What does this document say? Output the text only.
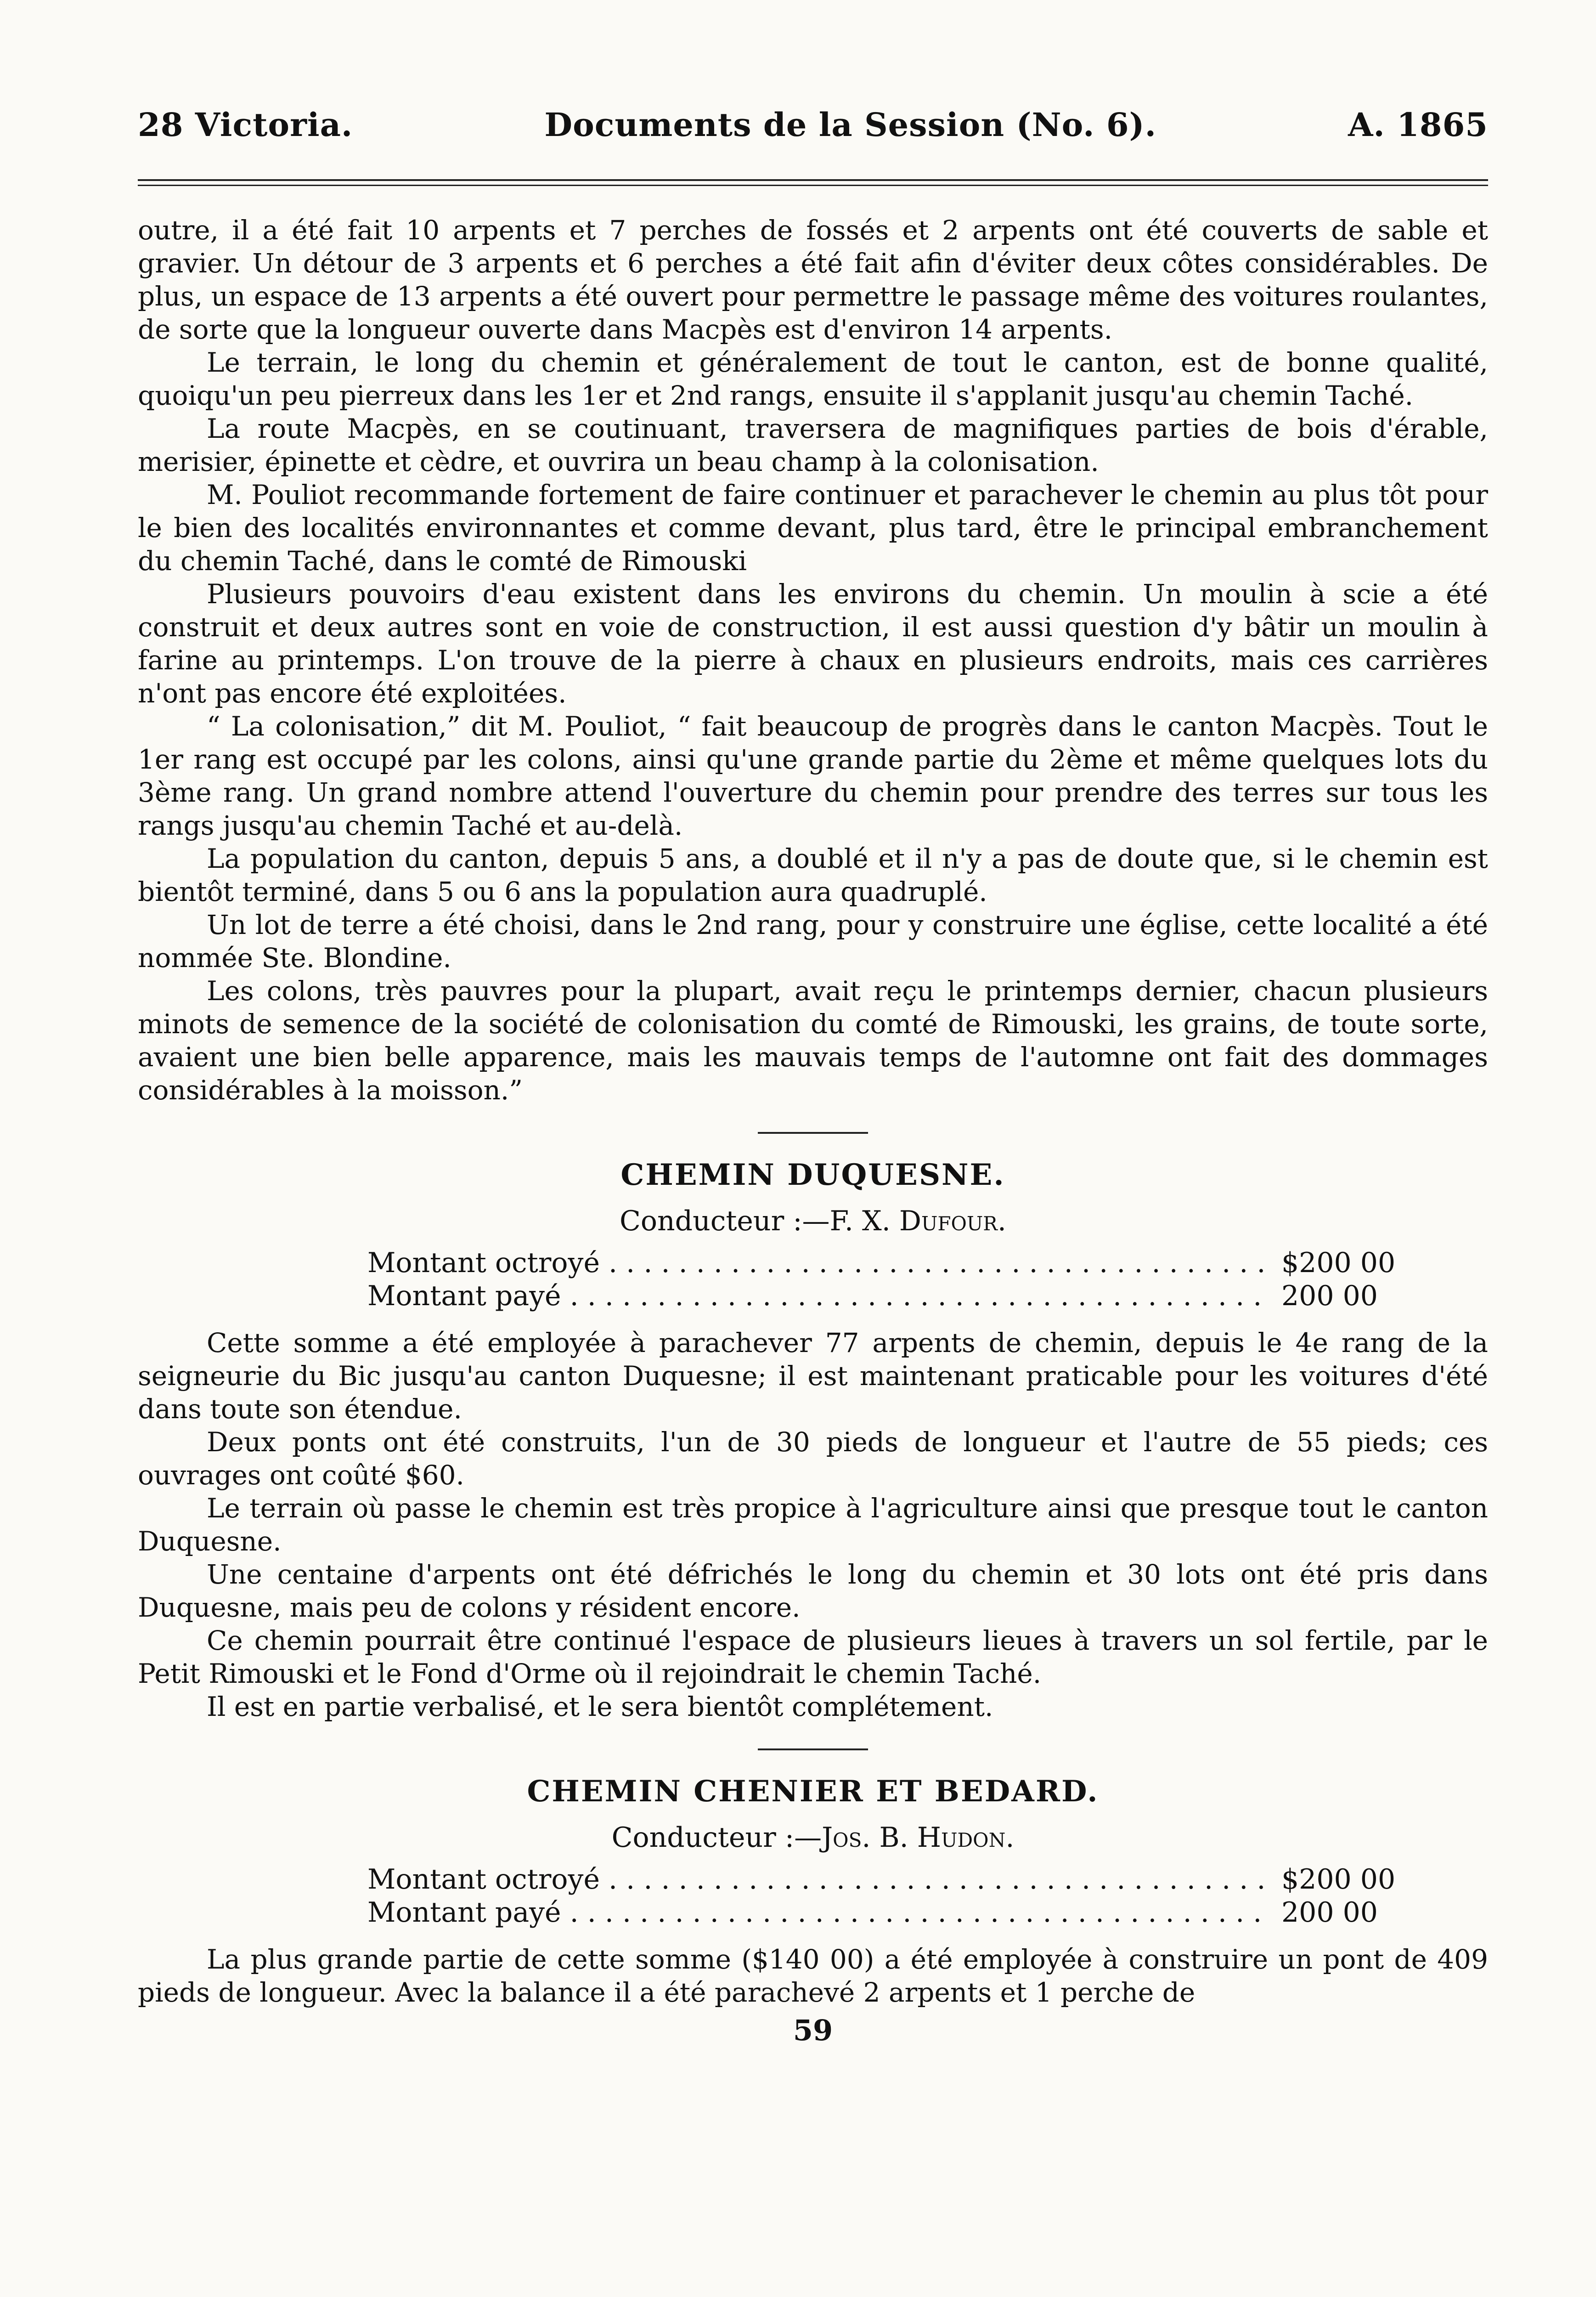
28 Victoria.	Documents de la Session (No. 6).	A. 1865

outre, il a été fait 10 arpents et 7 perches de fossés et 2 arpents ont été couverts de sable et gravier. Un détour de 3 arpents et 6 perches a été fait afin d'éviter deux côtes considérables. De plus, un espace de 13 arpents a été ouvert pour permettre le passage même des voitures roulantes, de sorte que la longueur ouverte dans Macpès est d'environ 14 arpents.

Le terrain, le long du chemin et généralement de tout le canton, est de bonne qualité, quoiqu'un peu pierreux dans les 1er et 2nd rangs, ensuite il s'applanit jusqu'au chemin Taché.

La route Macpès, en se coutinuant, traversera de magnifiques parties de bois d'érable, merisier, épinette et cèdre, et ouvrira un beau champ à la colonisation.

M. Pouliot recommande fortement de faire continuer et parachever le chemin au plus tôt pour le bien des localités environnantes et comme devant, plus tard, être le principal embranchement du chemin Taché, dans le comté de Rimouski

Plusieurs pouvoirs d'eau existent dans les environs du chemin. Un moulin à scie a été construit et deux autres sont en voie de construction, il est aussi question d'y bâtir un moulin à farine au printemps. L'on trouve de la pierre à chaux en plusieurs endroits, mais ces carrières n'ont pas encore été exploitées.

“ La colonisation,” dit M. Pouliot, “ fait beaucoup de progrès dans le canton Macpès. Tout le 1er rang est occupé par les colons, ainsi qu'une grande partie du 2ème et même quelques lots du 3ème rang. Un grand nombre attend l'ouverture du chemin pour prendre des terres sur tous les rangs jusqu'au chemin Taché et au-delà.

La population du canton, depuis 5 ans, a doublé et il n'y a pas de doute que, si le chemin est bientôt terminé, dans 5 ou 6 ans la population aura quadruplé.

Un lot de terre a été choisi, dans le 2nd rang, pour y construire une église, cette localité a été nommée Ste. Blondine.

Les colons, très pauvres pour la plupart, avait reçu le printemps dernier, chacun plusieurs minots de semence de la société de colonisation du comté de Rimouski, les grains, de toute sorte, avaient une bien belle apparence, mais les mauvais temps de l'automne ont fait des dommages considérables à la moisson.”

CHEMIN DUQUESNE.

Conducteur :—F. X. Dufour.

Montant octroyé . . .	$200 00
Montant payé . . .	200 00

Cette somme a été employée à parachever 77 arpents de chemin, depuis le 4e rang de la seigneurie du Bic jusqu'au canton Duquesne; il est maintenant praticable pour les voitures d'été dans toute son étendue.

Deux ponts ont été construits, l'un de 30 pieds de longueur et l'autre de 55 pieds; ces ouvrages ont coûté $60.

Le terrain où passe le chemin est très propice à l'agriculture ainsi que presque tout le canton Duquesne.

Une centaine d'arpents ont été défrichés le long du chemin et 30 lots ont été pris dans Duquesne, mais peu de colons y résident encore.

Ce chemin pourrait être continué l'espace de plusieurs lieues à travers un sol fertile, par le Petit Rimouski et le Fond d'Orme où il rejoindrait le chemin Taché.

Il est en partie verbalisé, et le sera bientôt complétement.

CHEMIN CHENIER ET BEDARD.

Conducteur :—Jos. B. Hudon.

Montant octroyé . . .	$200 00
Montant payé . . .	200 00

La plus grande partie de cette somme ($140 00) a été employée à construire un pont de 409 pieds de longueur. Avec la balance il a été parachevé 2 arpents et 1 perche de

59
